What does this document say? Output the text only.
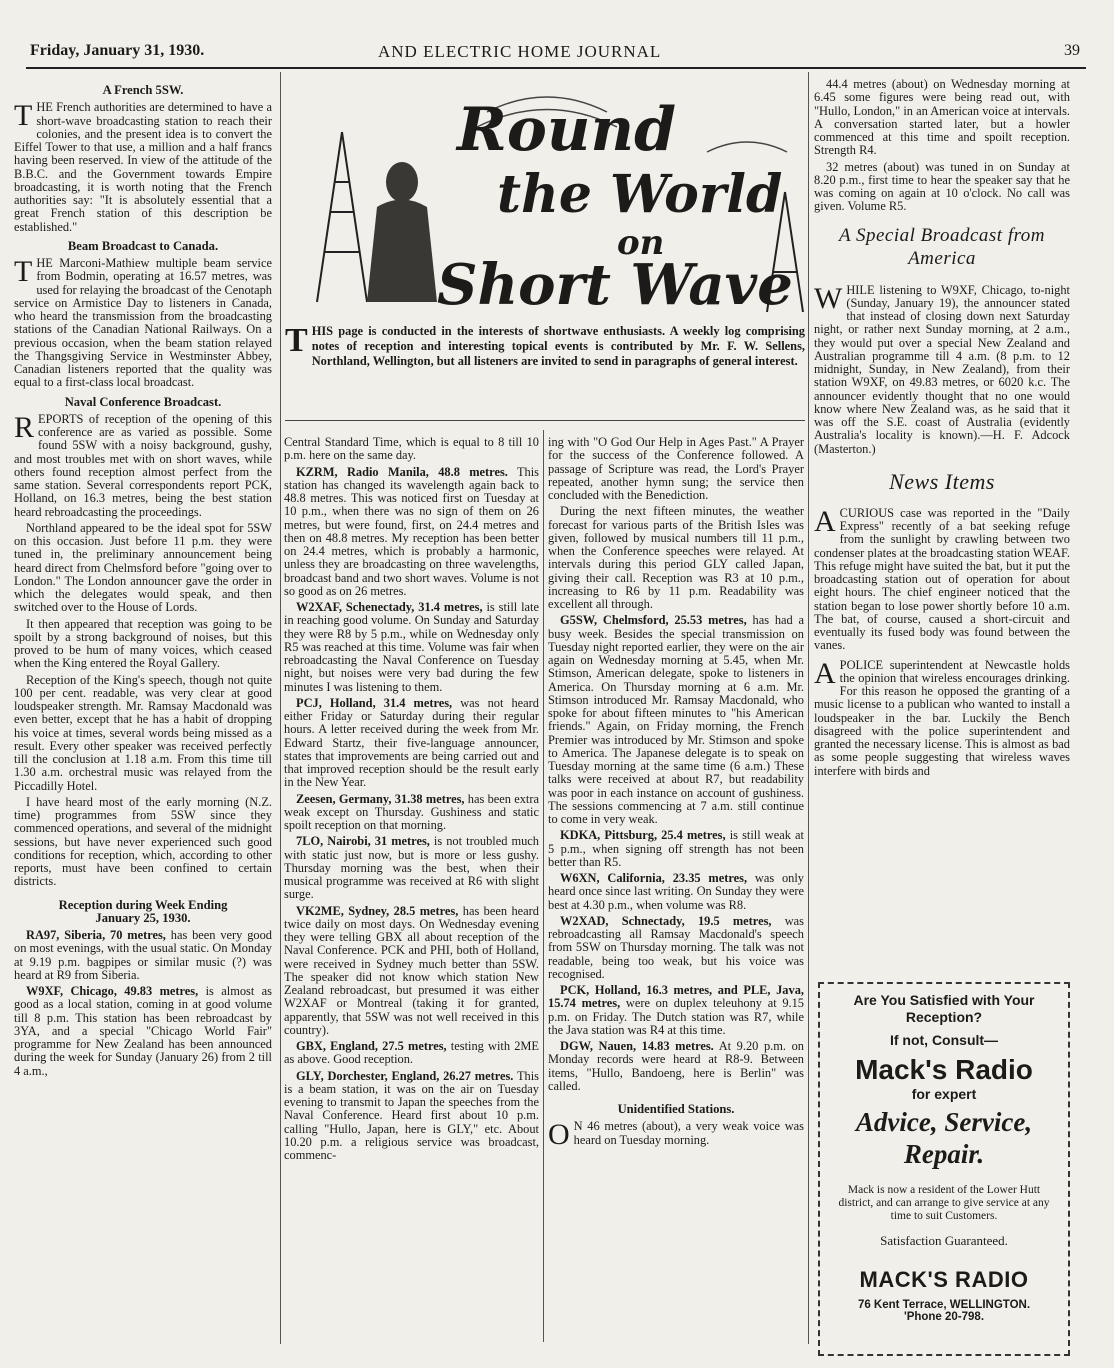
Friday, January 31, 1930.	AND ELECTRIC HOME JOURNAL	39
Round
the World
on
Short Wave
THIS page is conducted in the interests of shortwave enthusiasts. A weekly log comprising notes of reception and interesting topical events is contributed by Mr. F. W. Sellens, Northland, Wellington, but all listeners are invited to send in paragraphs of general interest.
A French 5SW.

THE French authorities are determined to have a short-wave broadcasting station to reach their colonies, and the present idea is to convert the Eiffel Tower to that use, a million and a half francs having been reserved. In view of the attitude of the B.B.C. and the Government towards Empire broadcasting, it is worth noting that the French authorities say: "It is absolutely essential that a great French station of this description be established."

Beam Broadcast to Canada.

THE Marconi-Mathiew multiple beam service from Bodmin, operating at 16.57 metres, was used for relaying the broadcast of the Cenotaph service on Armistice Day to listeners in Canada, who heard the transmission from the broadcasting stations of the Canadian National Railways. On a previous occasion, when the beam station relayed the Thangsgiving Service in Westminster Abbey, Canadian listeners reported that the quality was equal to a first-class local broadcast.

Naval Conference Broadcast.

REPORTS of reception of the opening of this conference are as varied as possible. Some found 5SW with a noisy background, gushy, and most troubles met with on short waves, while others found reception almost perfect from the same station. Several correspondents report PCK, Holland, on 16.3 metres, being the best station heard rebroadcasting the proceedings.

Northland appeared to be the ideal spot for 5SW on this occasion. Just before 11 p.m. they were tuned in, the preliminary announcement being heard direct from Chelmsford before "going over to London." The London announcer gave the order in which the delegates would speak, and then switched over to the House of Lords.

It then appeared that reception was going to be spoilt by a strong background of noises, but this proved to be hum of many voices, which ceased when the King entered the Royal Gallery.

Reception of the King's speech, though not quite 100 per cent. readable, was very clear at good loudspeaker strength. Mr. Ramsay Macdonald was even better, except that he has a habit of dropping his voice at times, several words being missed as a result. Every other speaker was received perfectly till the conclusion at 1.18 a.m. From this time till 1.30 a.m. orchestral music was relayed from the Piccadilly Hotel.

I have heard most of the early morning (N.Z. time) programmes from 5SW since they commenced operations, and several of the midnight sessions, but have never experienced such good conditions for reception, which, according to other reports, must have been confined to certain districts.

Reception during Week Ending
January 25, 1930.

RA97, Siberia, 70 metres, has been very good on most evenings, with the usual static. On Monday at 9.19 p.m. bagpipes or similar music (?) was heard at R9 from Siberia.

W9XF, Chicago, 49.83 metres, is almost as good as a local station, coming in at good volume till 8 p.m. This station has been rebroadcast by 3YA, and a special "Chicago World Fair" programme for New Zealand has been announced during the week for Sunday (January 26) from 2 till 4 a.m.,

Central Standard Time, which is equal to 8 till 10 p.m. here on the same day.

KZRM, Radio Manila, 48.8 metres. This station has changed its wavelength again back to 48.8 metres. This was noticed first on Tuesday at 10 p.m., when there was no sign of them on 26 metres, but were found, first, on 24.4 metres and then on 48.8 metres. My reception has been better on 24.4 metres, which is probably a harmonic, unless they are broadcasting on three wavelengths, broadcast band and two short waves. Volume is not so good as on 26 metres.

W2XAF, Schenectady, 31.4 metres, is still late in reaching good volume. On Sunday and Saturday they were R8 by 5 p.m., while on Wednesday only R5 was reached at this time. Volume was fair when rebroadcasting the Naval Conference on Tuesday night, but noises were very bad during the few minutes I was listening to them.

PCJ, Holland, 31.4 metres, was not heard either Friday or Saturday during their regular hours. A letter received during the week from Mr. Edward Startz, their five-language announcer, states that improvements are being carried out and that improved reception should be the result early in the New Year.

Zeesen, Germany, 31.38 metres, has been extra weak except on Thursday. Gushiness and static spoilt reception on that morning.

7LO, Nairobi, 31 metres, is not troubled much with static just now, but is more or less gushy. Thursday morning was the best, when their musical programme was received at R6 with slight surge.

VK2ME, Sydney, 28.5 metres, has been heard twice daily on most days. On Wednesday evening they were telling GBX all about reception of the Naval Conference. PCK and PHI, both of Holland, were received in Sydney much better than 5SW. The speaker did not know which station New Zealand rebroadcast, but presumed it was either W2XAF or Montreal (taking it for granted, apparently, that 5SW was not well received in this country).

GBX, England, 27.5 metres, testing with 2ME as above. Good reception.

GLY, Dorchester, England, 26.27 metres. This is a beam station, it was on the air on Tuesday evening to transmit to Japan the speeches from the Naval Conference. Heard first about 10 p.m. calling "Hullo, Japan, here is GLY," etc. About 10.20 p.m. a religious service was broadcast, commenc-

ing with "O God Our Help in Ages Past." A Prayer for the success of the Conference followed. A passage of Scripture was read, the Lord's Prayer repeated, another hymn sung; the service then concluded with the Benediction.

During the next fifteen minutes, the weather forecast for various parts of the British Isles was given, followed by musical numbers till 11 p.m., when the Conference speeches were relayed. At intervals during this period GLY called Japan, giving their call. Reception was R3 at 10 p.m., increasing to R6 by 11 p.m. Readability was excellent all through.

G5SW, Chelmsford, 25.53 metres, has had a busy week. Besides the special transmission on Tuesday night reported earlier, they were on the air again on Wednesday morning at 5.45, when Mr. Stimson, American delegate, spoke to listeners in America. On Thursday morning at 6 a.m. Mr. Stimson introduced Mr. Ramsay Macdonald, who spoke for about fifteen minutes to "his American friends." Again, on Friday morning, the French Premier was introduced by Mr. Stimson and spoke to America. The Japanese delegate is to speak on Tuesday morning at the same time (6 a.m.) These talks were received at about R7, but readability was poor in each instance on account of gushiness. The sessions commencing at 7 a.m. still continue to come in very weak.

KDKA, Pittsburg, 25.4 metres, is still weak at 5 p.m., when signing off strength has not been better than R5.

W6XN, California, 23.35 metres, was only heard once since last writing. On Sunday they were best at 4.30 p.m., when volume was R8.

W2XAD, Schnectady, 19.5 metres, was rebroadcasting all Ramsay Macdonald's speech from 5SW on Thursday morning. The talk was not readable, being too weak, but his voice was recognised.

PCK, Holland, 16.3 metres, and PLE, Java, 15.74 metres, were on duplex teleuhony at 9.15 p.m. on Friday. The Dutch station was R7, while the Java station was R4 at this time.

DGW, Nauen, 14.83 metres. At 9.20 p.m. on Monday records were heard at R8-9. Between items, "Hullo, Bandoeng, here is Berlin" was called.

Unidentified Stations.

O N 46 metres (about), a very weak voice was heard on Tuesday morning.

44.4 metres (about) on Wednesday morning at 6.45 some figures were being read out, with "Hullo, London," in an American voice at intervals. A conversation started later, but a howler commenced at this time and spoilt reception. Strength R4.

32 metres (about) was tuned in on Sunday at 8.20 p.m., first time to hear the speaker say that he was coming on again at 10 o'clock. No call was given. Volume R5.

A Special Broadcast from
America

WHILE listening to W9XF, Chicago, to-night (Sunday, January 19), the announcer stated that instead of closing down next Saturday night, or rather next Sunday morning, at 2 a.m., they would put over a special New Zealand and Australian programme till 4 a.m. (8 p.m. to 12 midnight, Sunday, in New Zealand), from their station W9XF, on 49.83 metres, or 6020 k.c. The announcer evidently thought that no one would know where New Zealand was, as he said that it was off the S.E. coast of Australia (evidently Australia's locality is known).—H. F. Adcock (Masterton.)

News Items

A CURIOUS case was reported in the "Daily Express" recently of a bat seeking refuge from the sunlight by crawling between two condenser plates at the broadcasting station WEAF. This refuge might have suited the bat, but it put the broadcasting station out of operation for about eight hours. The chief engineer noticed that the station began to lose power shortly before 10 a.m. The bat, of course, caused a short-circuit and eventually its fused body was found between the vanes.

A POLICE superintendent at Newcastle holds the opinion that wireless encourages drinking. For this reason he opposed the granting of a music license to a publican who wanted to install a loudspeaker in the bar. Luckily the Bench disagreed with the police superintendent and granted the necessary license. This is almost as bad as some people suggesting that wireless waves interfere with birds and

Are You Satisfied with Your Reception?
If not, Consult—
Mack's Radio
for expert
Advice, Service, Repair.
Mack is now a resident of the Lower Hutt district, and can arrange to give service at any time to suit Customers.
Satisfaction Guaranteed.
MACK'S RADIO
76 Kent Terrace, WELLINGTON.
'Phone 20-798.
